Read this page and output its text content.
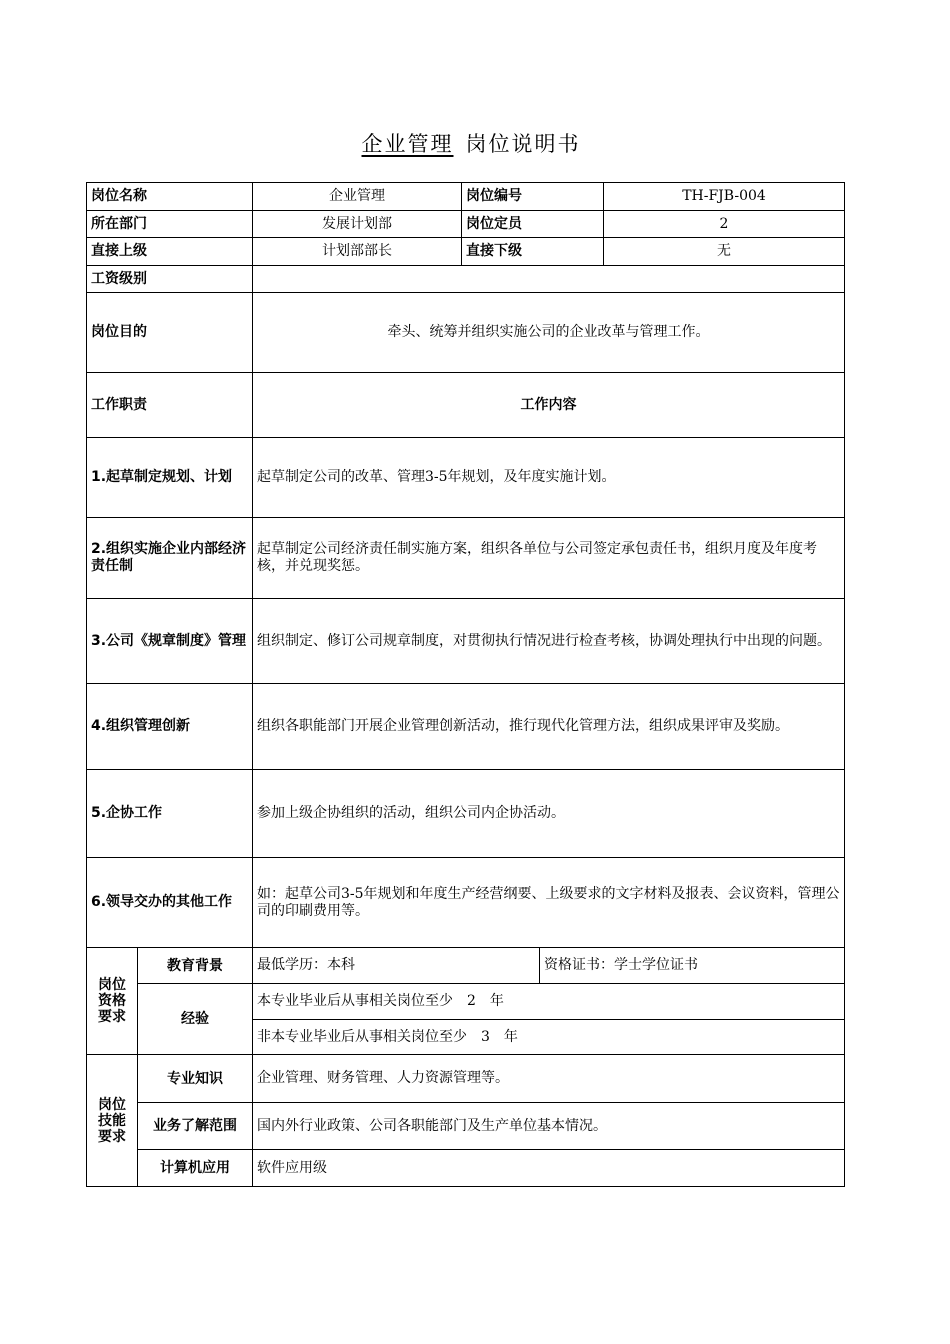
企业管理 岗位说明书
岗位名称		企业管理	岗位编号		TH-FJB-004
所在部门		发展计划部	岗位定员		2
直接上级		计划部部长	直接下级		无
工资级别					
岗位目的		牵头、统筹并组织实施公司的企业改革与管理工作。			
工作职责		工作内容			
1.起草制定规划、计划		起草制定公司的改革、管理3-5年规划，及年度实施计划。			
2.组织实施企业内部经济责任制		起草制定公司经济责任制实施方案，组织各单位与公司签定承包责任书，组织月度及年度考核，并兑现奖惩。			
3.公司《规章制度》管理		组织制定、修订公司规章制度，对贯彻执行情况进行检查考核，协调处理执行中出现的问题。			
4.组织管理创新		组织各职能部门开展企业管理创新活动，推行现代化管理方法，组织成果评审及奖励。			
5.企协工作		参加上级企协组织的活动，组织公司内企协活动。			
6.领导交办的其他工作		如：起草公司3-5年规划和年度生产经营纲要、上级要求的文字材料及报表、会议资料，管理公司的印刷费用等。			
岗位资格要求	教育背景	最低学历：本科		资格证书：学士学位证书	
	经验	本专业毕业后从事相关岗位至少　2　年			
		非本专业毕业后从事相关岗位至少　3　年			
岗位技能要求	专业知识	企业管理、财务管理、人力资源管理等。			
	业务了解范围	国内外行业政策、公司各职能部门及生产单位基本情况。			
	计算机应用	软件应用级			
